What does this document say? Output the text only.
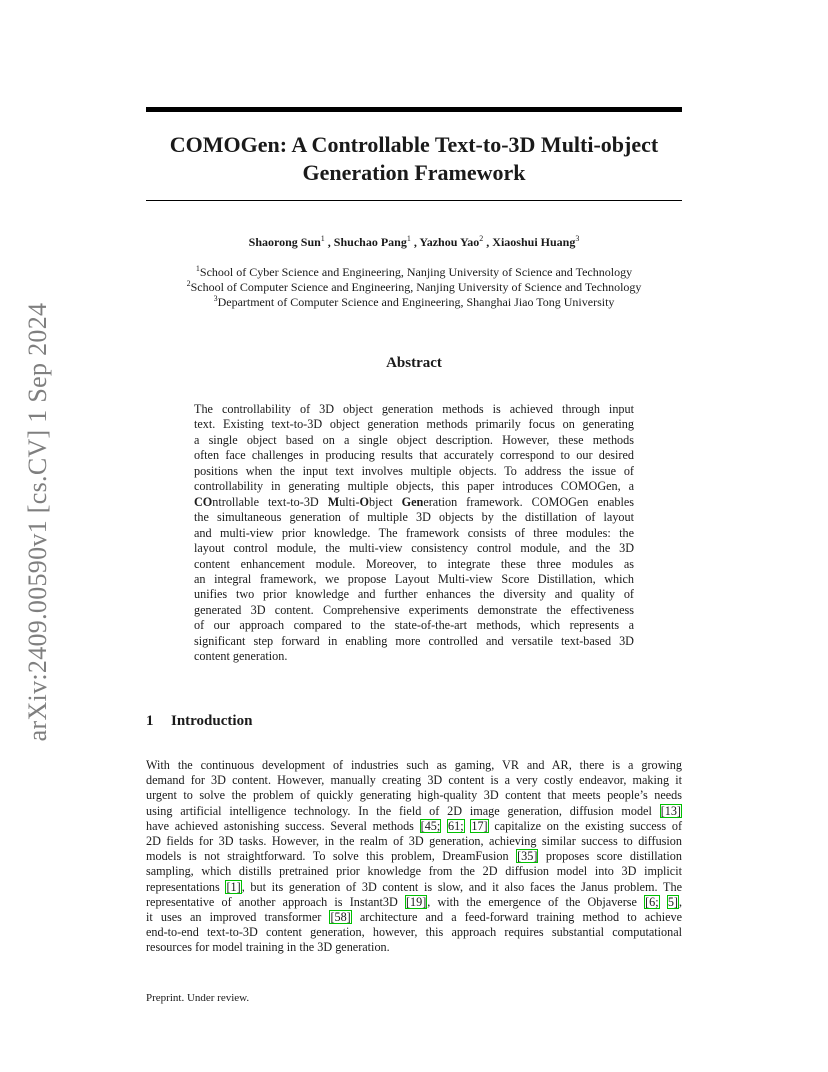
arXiv:2409.00590v1 [cs.CV] 1 Sep 2024
COMOGen: A Controllable Text-to-3D Multi-object
Generation Framework
Shaorong Sun$^1$ , Shuchao Pang$^1$ , Yazhou Yao$^2$ , Xiaoshui Huang$^3$
$^1$School of Cyber Science and Engineering, Nanjing University of Science and Technology
$^2$School of Computer Science and Engineering, Nanjing University of Science and Technology
$^3$Department of Computer Science and Engineering, Shanghai Jiao Tong University
Abstract
The controllability of 3D object generation methods is achieved through input
text. Existing text-to-3D object generation methods primarily focus on generating
a single object based on a single object description. However, these methods
often face challenges in producing results that accurately correspond to our desired
positions when the input text involves multiple objects. To address the issue of
controllability in generating multiple objects, this paper introduces COMOGen, a
COntrollable text-to-3D Multi-Object Generation framework. COMOGen enables
the simultaneous generation of multiple 3D objects by the distillation of layout
and multi-view prior knowledge. The framework consists of three modules: the
layout control module, the multi-view consistency control module, and the 3D
content enhancement module. Moreover, to integrate these three modules as
an integral framework, we propose Layout Multi-view Score Distillation, which
unifies two prior knowledge and further enhances the diversity and quality of
generated 3D content. Comprehensive experiments demonstrate the effectiveness
of our approach compared to the state-of-the-art methods, which represents a
significant step forward in enabling more controlled and versatile text-based 3D
content generation.
1 Introduction
With the continuous development of industries such as gaming, VR and AR, there is a growing
demand for 3D content. However, manually creating 3D content is a very costly endeavor, making it
urgent to solve the problem of quickly generating high-quality 3D content that meets people’s needs
using artificial intelligence technology. In the field of 2D image generation, diffusion model [13]
have achieved astonishing success. Several methods [45; 61; 17] capitalize on the existing success of
2D fields for 3D tasks. However, in the realm of 3D generation, achieving similar success to diffusion
models is not straightforward. To solve this problem, DreamFusion [35] proposes score distillation
sampling, which distills pretrained prior knowledge from the 2D diffusion model into 3D implicit
representations [1], but its generation of 3D content is slow, and it also faces the Janus problem. The
representative of another approach is Instant3D [19], with the emergence of the Objaverse [6; 5],
it uses an improved transformer [58] architecture and a feed-forward training method to achieve
end-to-end text-to-3D content generation, however, this approach requires substantial computational
resources for model training in the 3D generation.
Preprint. Under review.
